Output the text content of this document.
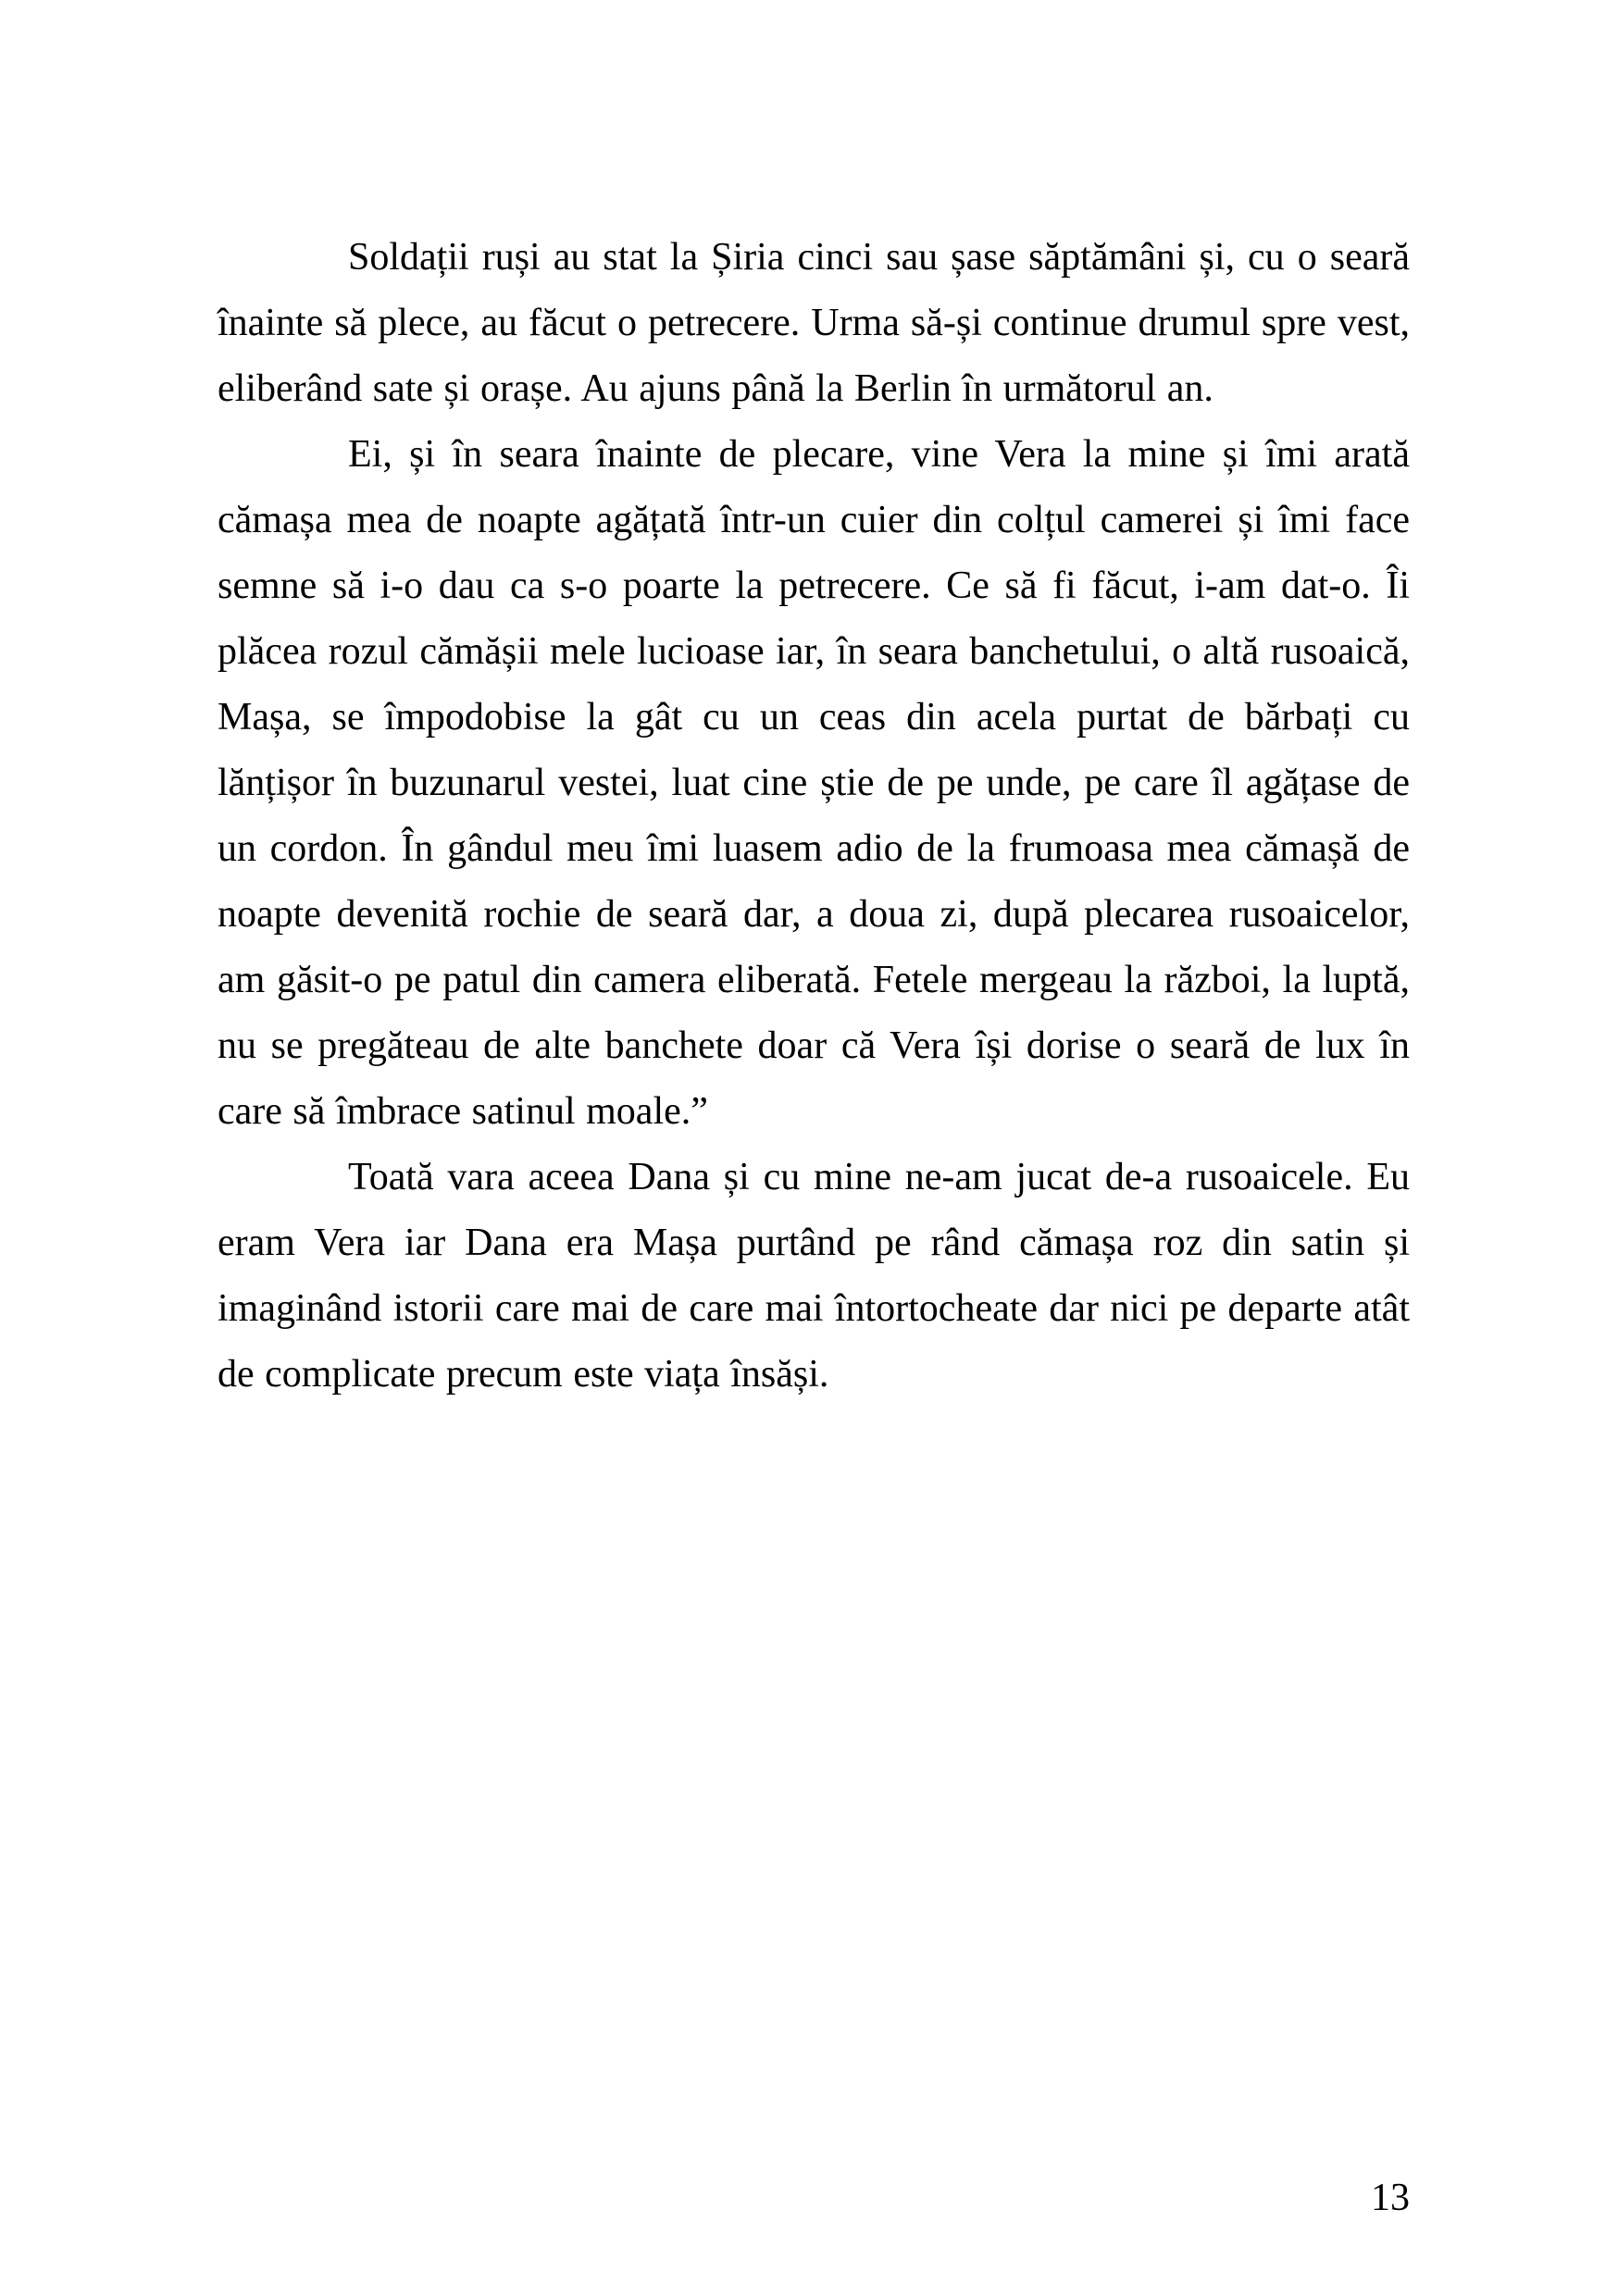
Soldații ruși au stat la Șiria cinci sau șase săptămâni și, cu o seară înainte să plece, au făcut o petrecere. Urma să-și continue drumul spre vest, eliberând sate și orașe. Au ajuns până la Berlin în următorul an.

Ei, și în seara înainte de plecare, vine Vera la mine și îmi arată cămașa mea de noapte agățată într-un cuier din colțul camerei și îmi face semne să i-o dau ca s-o poarte la petrecere. Ce să fi făcut, i-am dat-o. Îi plăcea rozul cămășii mele lucioase iar, în seara banchetului, o altă rusoaică, Mașa, se împodobise la gât cu un ceas din acela purtat de bărbați cu lănțișor în buzunarul vestei, luat cine știe de pe unde, pe care îl agățase de un cordon. În gândul meu îmi luasem adio de la frumoasa mea cămașă de noapte devenită rochie de seară dar, a doua zi, după plecarea rusoaicelor, am găsit-o pe patul din camera eliberată. Fetele mergeau la război, la luptă, nu se pregăteau de alte banchete doar că Vera își dorise o seară de lux în care să îmbrace satinul moale.”

Toată vara aceea Dana și cu mine ne-am jucat de-a rusoaicele. Eu eram Vera iar Dana era Mașa purtând pe rând cămașa roz din satin și imaginând istorii care mai de care mai întortocheate dar nici pe departe atât de complicate precum este viața însăși.

13
